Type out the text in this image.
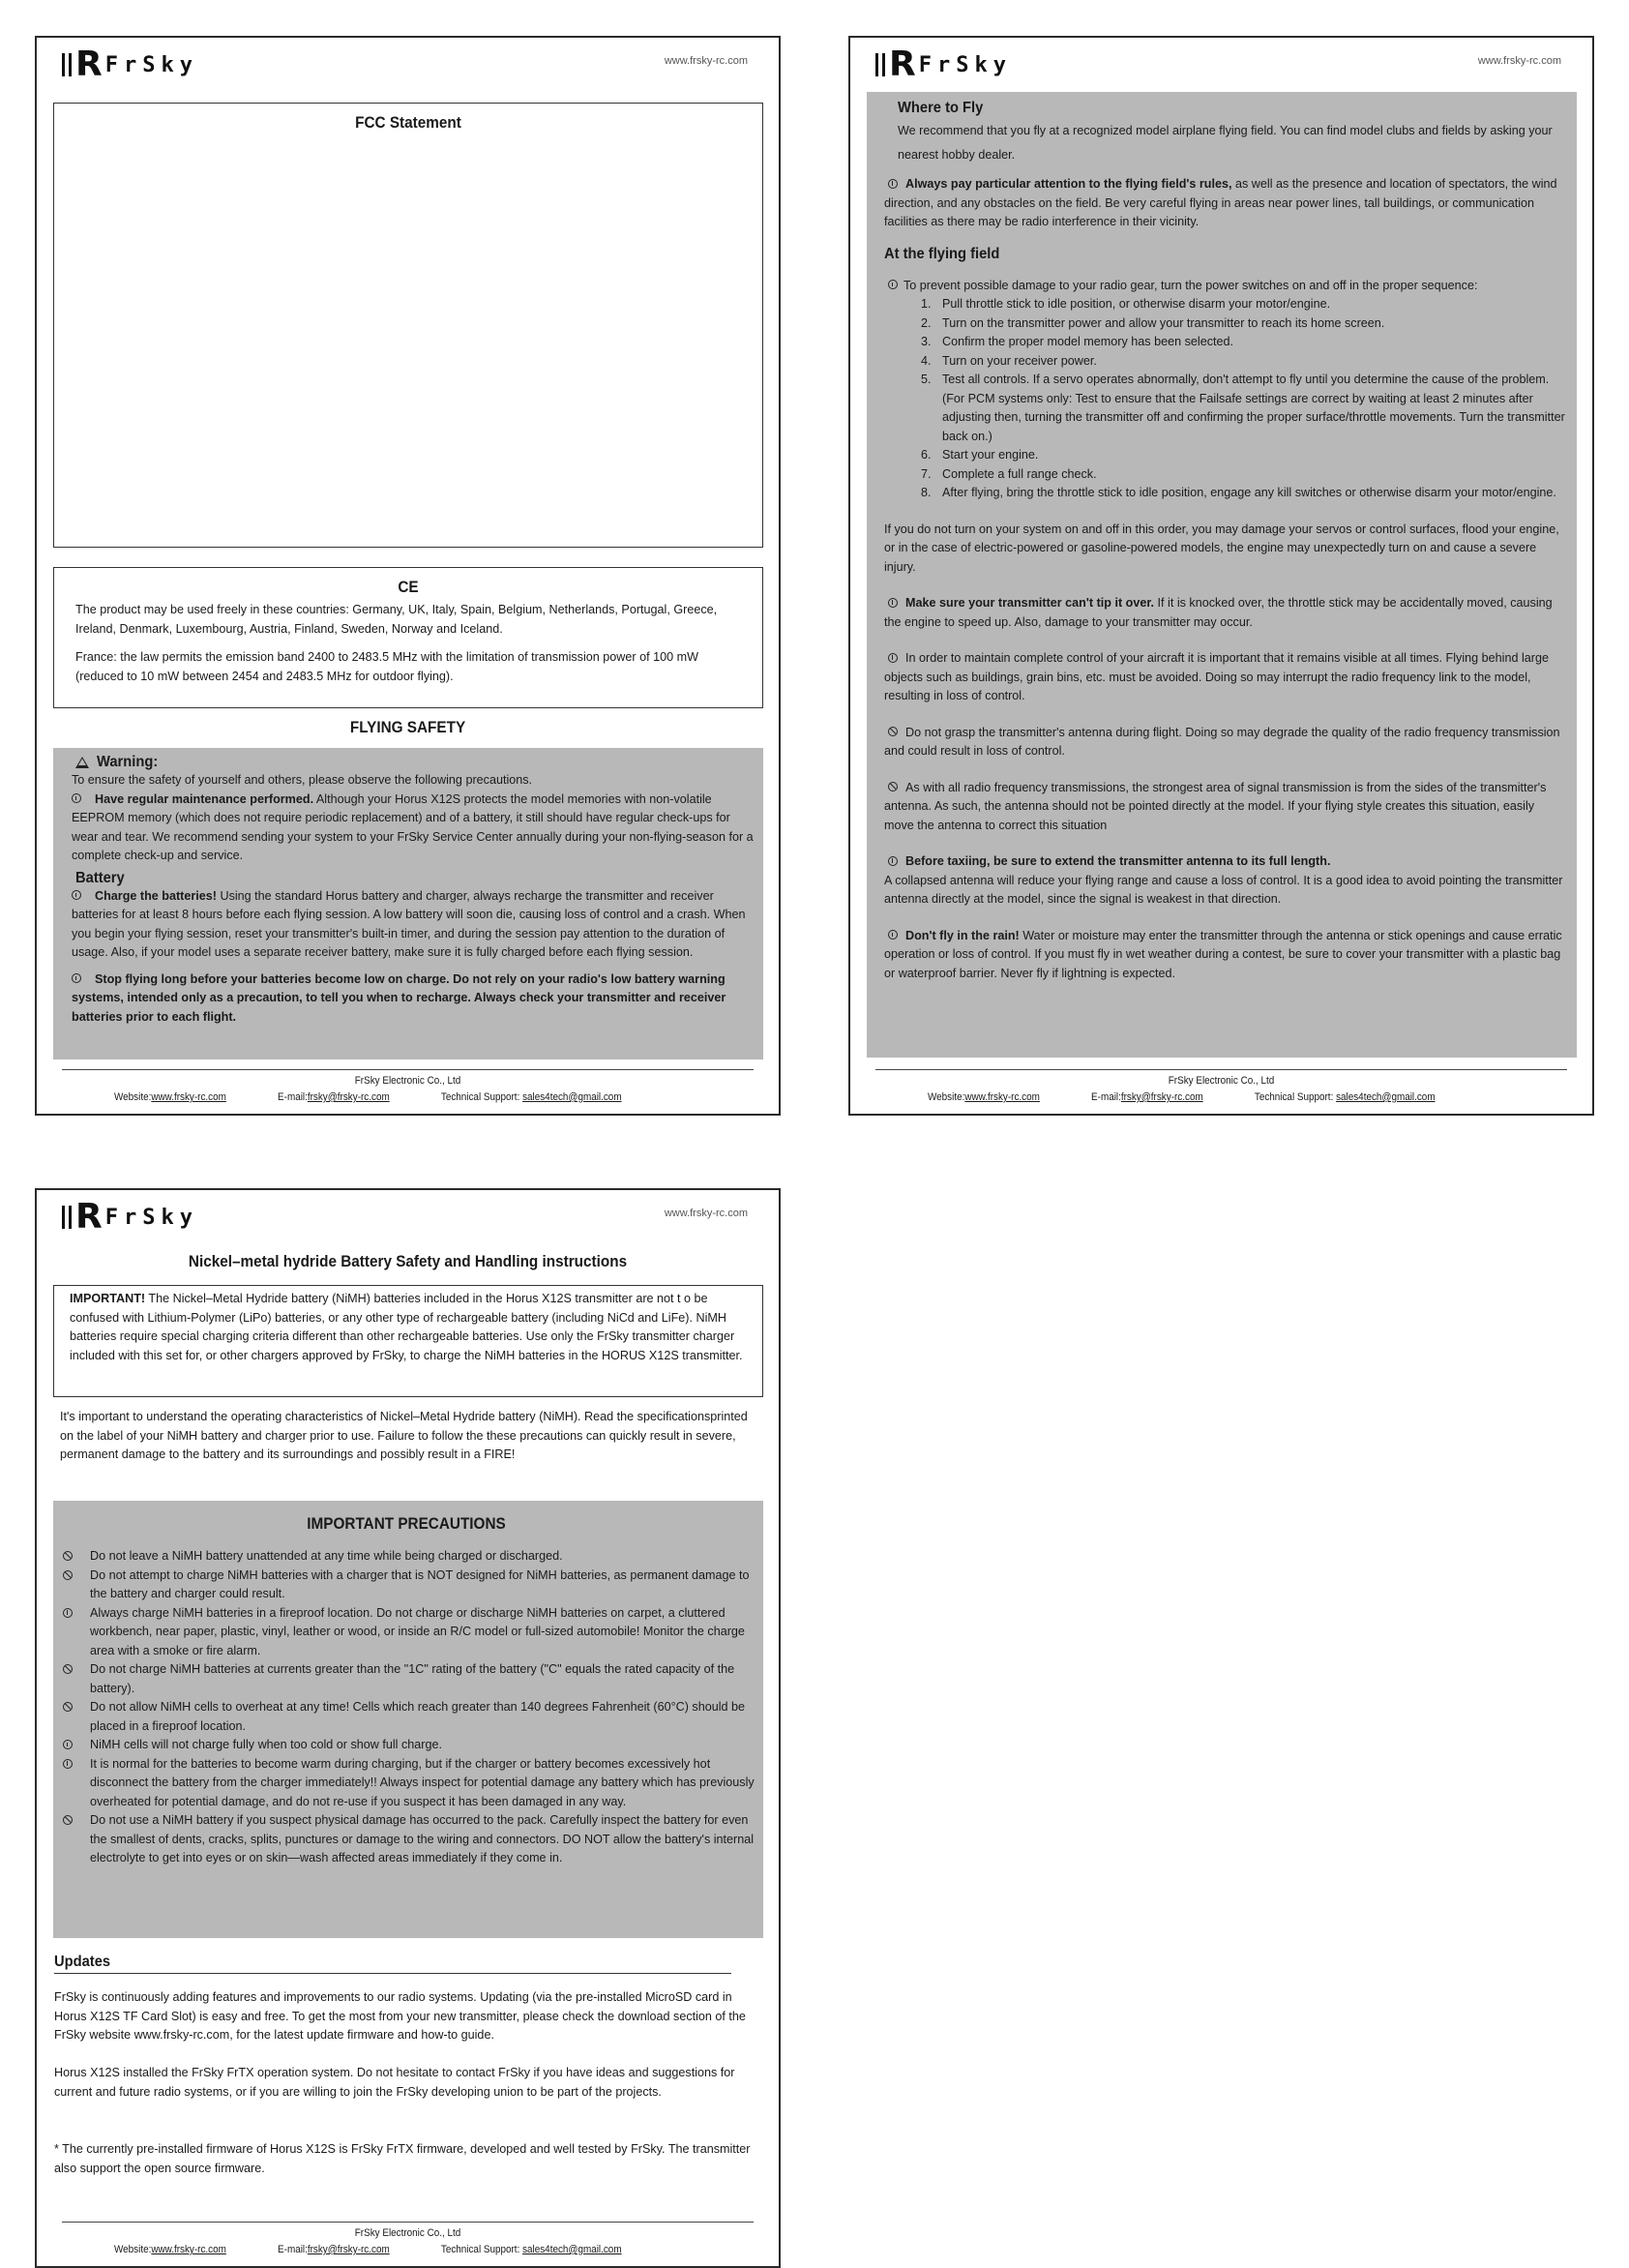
R FrSky	www.frsky-rc.com
FCC Statement
CE
The product may be used freely in these countries: Germany, UK, Italy, Spain, Belgium, Netherlands, Portugal, Greece, Ireland, Denmark, Luxembourg, Austria, Finland, Sweden, Norway and Iceland.
France: the law permits the emission band 2400 to 2483.5 MHz with the limitation of transmission power of 100 mW (reduced to 10 mW between 2454 and 2483.5 MHz for outdoor flying).
FLYING SAFETY
Warning:
To ensure the safety of yourself and others, please observe the following precautions.
Have regular maintenance performed. Although your Horus X12S protects the model memories with non-volatile EEPROM memory (which does not require periodic replacement) and of a battery, it still should have regular check-ups for wear and tear. We recommend sending your system to your FrSky Service Center annually during your non-flying-season for a complete check-up and service.
Battery
Charge the batteries! Using the standard Horus battery and charger, always recharge the transmitter and receiver batteries for at least 8 hours before each flying session. A low battery will soon die, causing loss of control and a crash. When you begin your flying session, reset your transmitter's built-in timer, and during the session pay attention to the duration of usage. Also, if your model uses a separate receiver battery, make sure it is fully charged before each flying session.
Stop flying long before your batteries become low on charge. Do not rely on your radio's low battery warning systems, intended only as a precaution, to tell you when to recharge. Always check your transmitter and receiver batteries prior to each flight.
FrSky Electronic Co., Ltd
Website:www.frsky-rc.com	E-mail:frsky@frsky-rc.com	Technical Support: sales4tech@gmail.com
R FrSky	www.frsky-rc.com
Where to Fly
We recommend that you fly at a recognized model airplane flying field. You can find model clubs and fields by asking your nearest hobby dealer.
Always pay particular attention to the flying field's rules, as well as the presence and location of spectators, the wind direction, and any obstacles on the field. Be very careful flying in areas near power lines, tall buildings, or communication facilities as there may be radio interference in their vicinity.
At the flying field
To prevent possible damage to your radio gear, turn the power switches on and off in the proper sequence:
1. Pull throttle stick to idle position, or otherwise disarm your motor/engine.
2. Turn on the transmitter power and allow your transmitter to reach its home screen.
3. Confirm the proper model memory has been selected.
4. Turn on your receiver power.
5. Test all controls. If a servo operates abnormally, don't attempt to fly until you determine the cause of the problem. (For PCM systems only: Test to ensure that the Failsafe settings are correct by waiting at least 2 minutes after adjusting then, turning the transmitter off and confirming the proper surface/throttle movements. Turn the transmitter back on.)
6. Start your engine.
7. Complete a full range check.
8. After flying, bring the throttle stick to idle position, engage any kill switches or otherwise disarm your motor/engine.
If you do not turn on your system on and off in this order, you may damage your servos or control surfaces, flood your engine, or in the case of electric-powered or gasoline-powered models, the engine may unexpectedly turn on and cause a severe injury.
Make sure your transmitter can't tip it over. If it is knocked over, the throttle stick may be accidentally moved, causing the engine to speed up. Also, damage to your transmitter may occur.
In order to maintain complete control of your aircraft it is important that it remains visible at all times. Flying behind large objects such as buildings, grain bins, etc. must be avoided. Doing so may interrupt the radio frequency link to the model, resulting in loss of control.
Do not grasp the transmitter's antenna during flight. Doing so may degrade the quality of the radio frequency transmission and could result in loss of control.
As with all radio frequency transmissions, the strongest area of signal transmission is from the sides of the transmitter's antenna. As such, the antenna should not be pointed directly at the model. If your flying style creates this situation, easily move the antenna to correct this situation
Before taxiing, be sure to extend the transmitter antenna to its full length.
A collapsed antenna will reduce your flying range and cause a loss of control. It is a good idea to avoid pointing the transmitter antenna directly at the model, since the signal is weakest in that direction.
Don't fly in the rain! Water or moisture may enter the transmitter through the antenna or stick openings and cause erratic operation or loss of control. If you must fly in wet weather during a contest, be sure to cover your transmitter with a plastic bag or waterproof barrier. Never fly if lightning is expected.
FrSky Electronic Co., Ltd
Website:www.frsky-rc.com	E-mail:frsky@frsky-rc.com	Technical Support: sales4tech@gmail.com
R FrSky	www.frsky-rc.com
Nickel–metal hydride Battery Safety and Handling instructions
IMPORTANT! The Nickel–Metal Hydride battery (NiMH) batteries included in the Horus X12S transmitter are not t o be confused with Lithium-Polymer (LiPo) batteries, or any other type of rechargeable battery (including NiCd and LiFe). NiMH batteries require special charging criteria different than other rechargeable batteries. Use only the FrSky transmitter charger included with this set for, or other chargers approved by FrSky, to charge the NiMH batteries in the HORUS X12S transmitter.
It's important to understand the operating characteristics of Nickel–Metal Hydride battery (NiMH). Read the specificationsprinted on the label of your NiMH battery and charger prior to use. Failure to follow the these precautions can quickly result in severe, permanent damage to the battery and its surroundings and possibly result in a FIRE!
IMPORTANT PRECAUTIONS
Do not leave a NiMH battery unattended at any time while being charged or discharged.
Do not attempt to charge NiMH batteries with a charger that is NOT designed for NiMH batteries, as permanent damage to the battery and charger could result.
Always charge NiMH batteries in a fireproof location. Do not charge or discharge NiMH batteries on carpet, a cluttered workbench, near paper, plastic, vinyl, leather or wood, or inside an R/C model or full-sized automobile! Monitor the charge area with a smoke or fire alarm.
Do not charge NiMH batteries at currents greater than the "1C" rating of the battery ("C" equals the rated capacity of the battery).
Do not allow NiMH cells to overheat at any time! Cells which reach greater than 140 degrees Fahrenheit (60°C) should be placed in a fireproof location.
NiMH cells will not charge fully when too cold or show full charge.
It is normal for the batteries to become warm during charging, but if the charger or battery becomes excessively hot disconnect the battery from the charger immediately!! Always inspect for potential damage any battery which has previously overheated for potential damage, and do not re-use if you suspect it has been damaged in any way.
Do not use a NiMH battery if you suspect physical damage has occurred to the pack. Carefully inspect the battery for even the smallest of dents, cracks, splits, punctures or damage to the wiring and connectors. DO NOT allow the battery's internal electrolyte to get into eyes or on skin—wash affected areas immediately if they come in.
Updates
FrSky is continuously adding features and improvements to our radio systems. Updating (via the pre-installed MicroSD card in Horus X12S TF Card Slot) is easy and free. To get the most from your new transmitter, please check the download section of the FrSky website www.frsky-rc.com, for the latest update firmware and how-to guide.
Horus X12S installed the FrSky FrTX operation system. Do not hesitate to contact FrSky if you have ideas and suggestions for current and future radio systems, or if you are willing to join the FrSky developing union to be part of the projects.
* The currently pre-installed firmware of Horus X12S is FrSky FrTX firmware, developed and well tested by FrSky. The transmitter also support the open source firmware.
FrSky Electronic Co., Ltd
Website:www.frsky-rc.com	E-mail:frsky@frsky-rc.com	Technical Support: sales4tech@gmail.com
